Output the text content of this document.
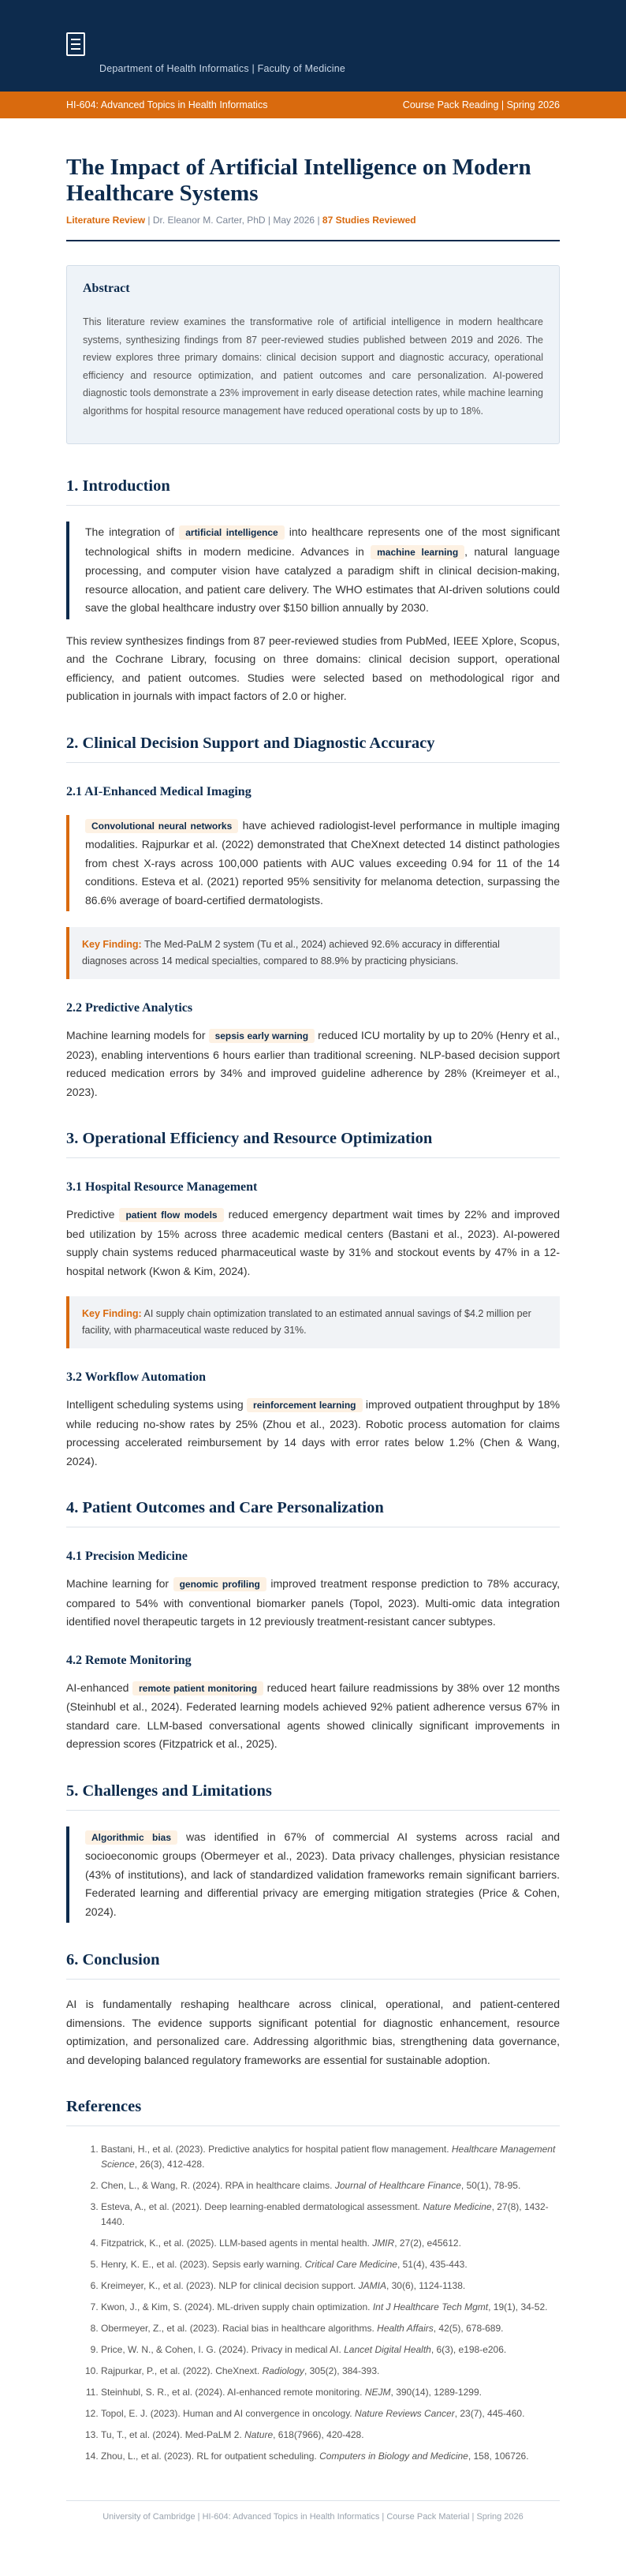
Department of Health Informatics | Faculty of Medicine
HI-604: Advanced Topics in Health Informatics	Course Pack Reading | Spring 2026
The Impact of Artificial Intelligence on Modern Healthcare Systems
Literature Review | Dr. Eleanor M. Carter, PhD | May 2026 | 87 Studies Reviewed
Abstract

This literature review examines the transformative role of artificial intelligence in modern healthcare systems, synthesizing findings from 87 peer-reviewed studies published between 2019 and 2026. The review explores three primary domains: clinical decision support and diagnostic accuracy, operational efficiency and resource optimization, and patient outcomes and care personalization. AI-powered diagnostic tools demonstrate a 23% improvement in early disease detection rates, while machine learning algorithms for hospital resource management have reduced operational costs by up to 18%.

1. Introduction

The integration of artificial intelligence into healthcare represents one of the most significant technological shifts in modern medicine. Advances in machine learning , natural language processing, and computer vision have catalyzed a paradigm shift in clinical decision-making, resource allocation, and patient care delivery. The WHO estimates that AI-driven solutions could save the global healthcare industry over $150 billion annually by 2030.

This review synthesizes findings from 87 peer-reviewed studies from PubMed, IEEE Xplore, Scopus, and the Cochrane Library, focusing on three domains: clinical decision support, operational efficiency, and patient outcomes. Studies were selected based on methodological rigor and publication in journals with impact factors of 2.0 or higher.

2. Clinical Decision Support and Diagnostic Accuracy
2.1 AI-Enhanced Medical Imaging

Convolutional neural networks have achieved radiologist-level performance in multiple imaging modalities. Rajpurkar et al. (2022) demonstrated that CheXnext detected 14 distinct pathologies from chest X-rays across 100,000 patients with AUC values exceeding 0.94 for 11 of the 14 conditions. Esteva et al. (2021) reported 95% sensitivity for melanoma detection, surpassing the 86.6% average of board-certified dermatologists.

Key Finding: The Med-PaLM 2 system (Tu et al., 2024) achieved 92.6% accuracy in differential diagnoses across 14 medical specialties, compared to 88.9% by practicing physicians.
2.2 Predictive Analytics

Machine learning models for sepsis early warning reduced ICU mortality by up to 20% (Henry et al., 2023), enabling interventions 6 hours earlier than traditional screening. NLP-based decision support reduced medication errors by 34% and improved guideline adherence by 28% (Kreimeyer et al., 2023).

3. Operational Efficiency and Resource Optimization
3.1 Hospital Resource Management

Predictive patient flow models reduced emergency department wait times by 22% and improved bed utilization by 15% across three academic medical centers (Bastani et al., 2023). AI-powered supply chain systems reduced pharmaceutical waste by 31% and stockout events by 47% in a 12-hospital network (Kwon & Kim, 2024).

Key Finding: AI supply chain optimization translated to an estimated annual savings of $4.2 million per facility, with pharmaceutical waste reduced by 31%.
3.2 Workflow Automation

Intelligent scheduling systems using reinforcement learning improved outpatient throughput by 18% while reducing no-show rates by 25% (Zhou et al., 2023). Robotic process automation for claims processing accelerated reimbursement by 14 days with error rates below 1.2% (Chen & Wang, 2024).

4. Patient Outcomes and Care Personalization
4.1 Precision Medicine

Machine learning for genomic profiling improved treatment response prediction to 78% accuracy, compared to 54% with conventional biomarker panels (Topol, 2023). Multi-omic data integration identified novel therapeutic targets in 12 previously treatment-resistant cancer subtypes.

4.2 Remote Monitoring

AI-enhanced remote patient monitoring reduced heart failure readmissions by 38% over 12 months (Steinhubl et al., 2024). Federated learning models achieved 92% patient adherence versus 67% in standard care. LLM-based conversational agents showed clinically significant improvements in depression scores (Fitzpatrick et al., 2025).

5. Challenges and Limitations

Algorithmic bias was identified in 67% of commercial AI systems across racial and socioeconomic groups (Obermeyer et al., 2023). Data privacy challenges, physician resistance (43% of institutions), and lack of standardized validation frameworks remain significant barriers. Federated learning and differential privacy are emerging mitigation strategies (Price & Cohen, 2024).

6. Conclusion

AI is fundamentally reshaping healthcare across clinical, operational, and patient-centered dimensions. The evidence supports significant potential for diagnostic enhancement, resource optimization, and personalized care. Addressing algorithmic bias, strengthening data governance, and developing balanced regulatory frameworks are essential for sustainable adoption.

References
1. Bastani, H., et al. (2023). Predictive analytics for hospital patient flow management. Healthcare Management Science, 26(3), 412-428.
2. Chen, L., & Wang, R. (2024). RPA in healthcare claims. Journal of Healthcare Finance, 50(1), 78-95.
3. Esteva, A., et al. (2021). Deep learning-enabled dermatological assessment. Nature Medicine, 27(8), 1432-1440.
4. Fitzpatrick, K., et al. (2025). LLM-based agents in mental health. JMIR, 27(2), e45612.
5. Henry, K. E., et al. (2023). Sepsis early warning. Critical Care Medicine, 51(4), 435-443.
6. Kreimeyer, K., et al. (2023). NLP for clinical decision support. JAMIA, 30(6), 1124-1138.
7. Kwon, J., & Kim, S. (2024). ML-driven supply chain optimization. Int J Healthcare Tech Mgmt, 19(1), 34-52.
8. Obermeyer, Z., et al. (2023). Racial bias in healthcare algorithms. Health Affairs, 42(5), 678-689.
9. Price, W. N., & Cohen, I. G. (2024). Privacy in medical AI. Lancet Digital Health, 6(3), e198-e206.
10. Rajpurkar, P., et al. (2022). CheXnext. Radiology, 305(2), 384-393.
11. Steinhubl, S. R., et al. (2024). AI-enhanced remote monitoring. NEJM, 390(14), 1289-1299.
12. Topol, E. J. (2023). Human and AI convergence in oncology. Nature Reviews Cancer, 23(7), 445-460.
13. Tu, T., et al. (2024). Med-PaLM 2. Nature, 618(7966), 420-428.
14. Zhou, L., et al. (2023). RL for outpatient scheduling. Computers in Biology and Medicine, 158, 106726.
University of Cambridge | HI-604: Advanced Topics in Health Informatics | Course Pack Material | Spring 2026
